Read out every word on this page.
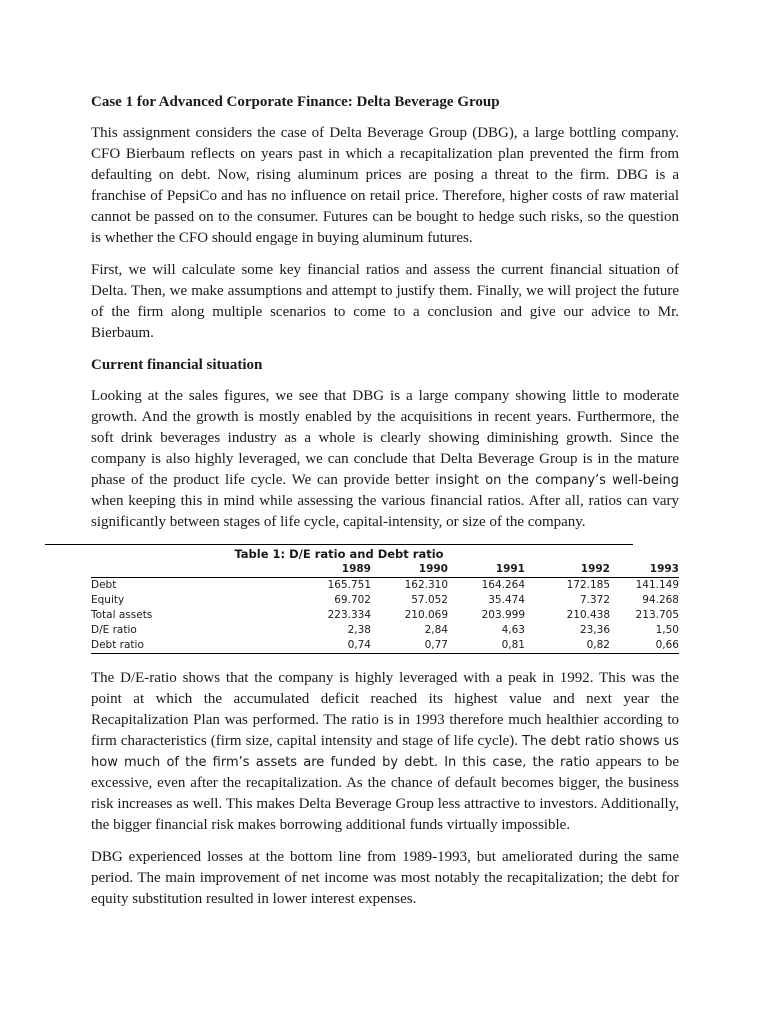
Case 1 for Advanced Corporate Finance: Delta Beverage Group

This assignment considers the case of Delta Beverage Group (DBG), a large bottling company. CFO Bierbaum reflects on years past in which a recapitalization plan prevented the firm from defaulting on debt. Now, rising aluminum prices are posing a threat to the firm. DBG is a franchise of PepsiCo and has no influence on retail price. Therefore, higher costs of raw material cannot be passed on to the consumer. Futures can be bought to hedge such risks, so the question is whether the CFO should engage in buying aluminum futures.

First, we will calculate some key financial ratios and assess the current financial situation of Delta. Then, we make assumptions and attempt to justify them. Finally, we will project the future of the firm along multiple scenarios to come to a conclusion and give our advice to Mr. Bierbaum.

Current financial situation

Looking at the sales figures, we see that DBG is a large company showing little to moderate growth. And the growth is mostly enabled by the acquisitions in recent years. Furthermore, the soft drink beverages industry as a whole is clearly showing diminishing growth. Since the company is also highly leveraged, we can conclude that Delta Beverage Group is in the mature phase of the product life cycle. We can provide better insight on the company’s well-being when keeping this in mind while assessing the various financial ratios. After all, ratios can vary significantly between stages of life cycle, capital-intensity, or size of the company.

Table 1: D/E ratio and Debt ratio
	1989	1990	1991	1992	1993
Debt	165.751	162.310	164.264	172.185	141.149
Equity	69.702	57.052	35.474	7.372	94.268
Total assets	223.334	210.069	203.999	210.438	213.705
D/E ratio	2,38	2,84	4,63	23,36	1,50
Debt ratio	0,74	0,77	0,81	0,82	0,66

The D/E-ratio shows that the company is highly leveraged with a peak in 1992. This was the point at which the accumulated deficit reached its highest value and next year the Recapitalization Plan was performed. The ratio is in 1993 therefore much healthier according to firm characteristics (firm size, capital intensity and stage of life cycle). The debt ratio shows us how much of the firm’s assets are funded by debt. In this case, the ratio appears to be excessive, even after the recapitalization. As the chance of default becomes bigger, the business risk increases as well. This makes Delta Beverage Group less attractive to investors. Additionally, the bigger financial risk makes borrowing additional funds virtually impossible.

DBG experienced losses at the bottom line from 1989-1993, but ameliorated during the same period. The main improvement of net income was most notably the recapitalization; the debt for equity substitution resulted in lower interest expenses.
